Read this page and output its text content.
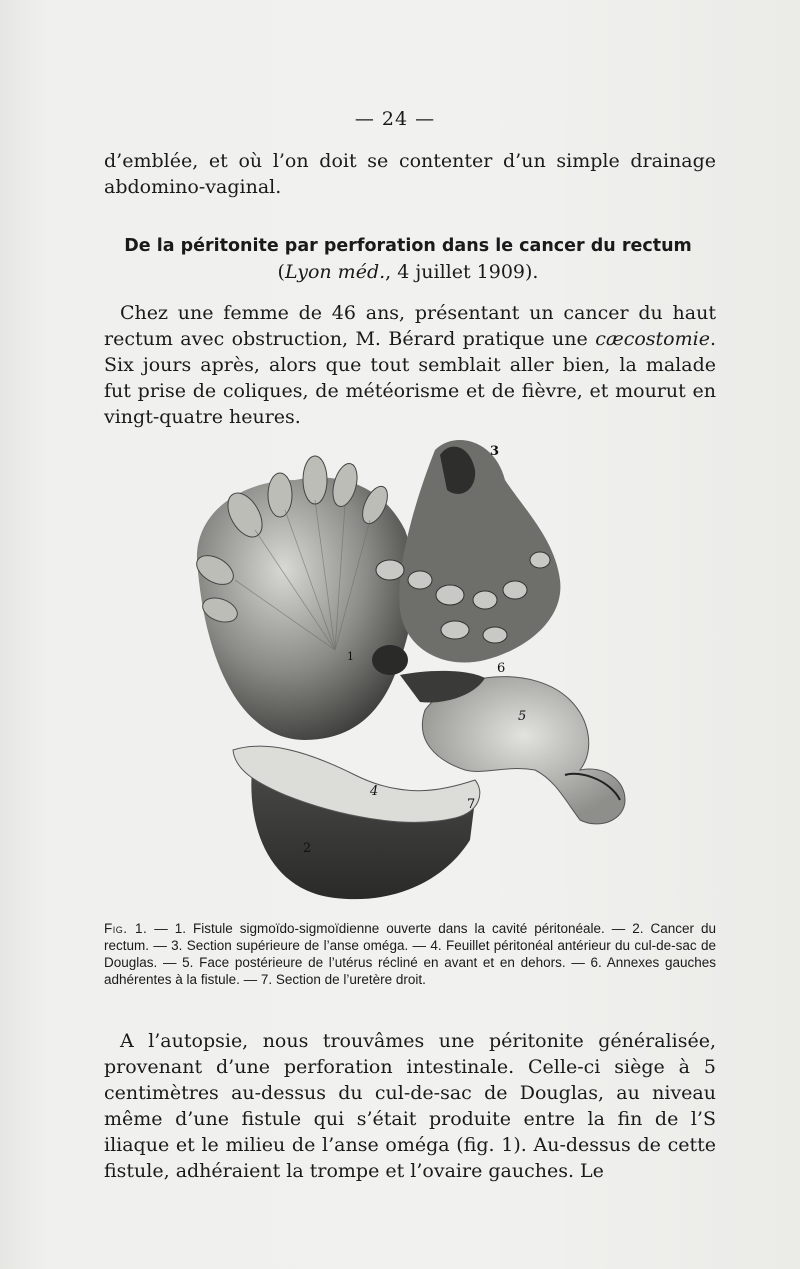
— 24 —
d’emblée, et où l’on doit se contenter d’un simple drainage abdomino-vaginal.
De la péritonite par perforation dans le cancer du rectum (Lyon méd., 4 juillet 1909).
Chez une femme de 46 ans, présentant un cancer du haut rectum avec obstruction, M. Bérard pratique une cæcostomie. Six jours après, alors que tout semblait aller bien, la malade fut prise de coliques, de météorisme et de fièvre, et mourut en vingt-quatre heures.
1
2
3
4
5
6
7
Fig. 1. — 1. Fistule sigmoïdo-sigmoïdienne ouverte dans la cavité péritonéale. — 2. Cancer du rectum. — 3. Section supérieure de l’anse oméga. — 4. Feuillet péritonéal antérieur du cul-de-sac de Douglas. — 5. Face postérieure de l’utérus récliné en avant et en dehors. — 6. Annexes gauches adhérentes à la fistule. — 7. Section de l’uretère droit.
A l’autopsie, nous trouvâmes une péritonite généralisée, provenant d’une perforation intestinale. Celle-ci siège à 5 centimètres au-dessus du cul-de-sac de Douglas, au niveau même d’une fistule qui s’était produite entre la fin de l’S iliaque et le milieu de l’anse oméga (fig. 1). Au-dessus de cette fistule, adhéraient la trompe et l’ovaire gauches. Le
